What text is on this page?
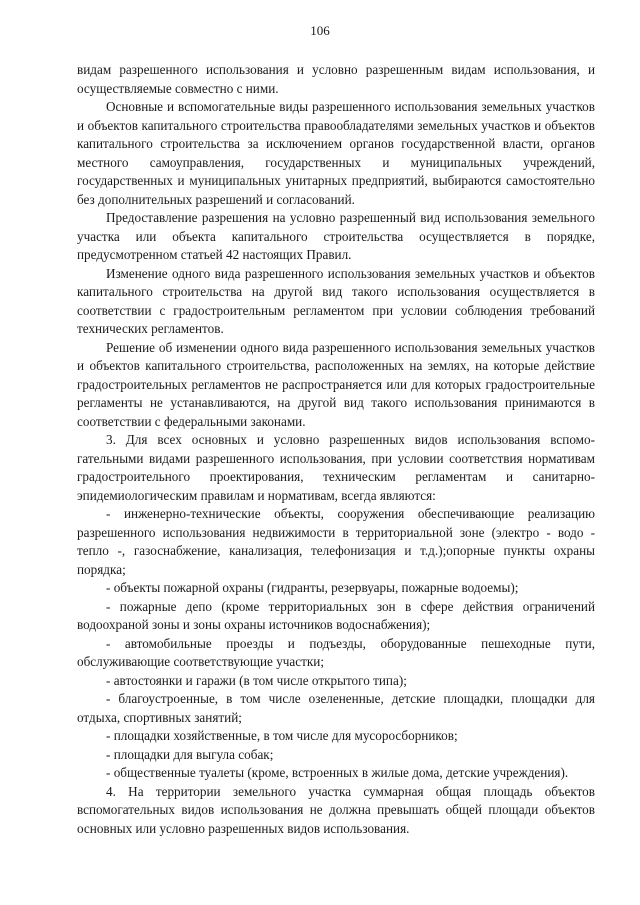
106

видам разрешенного использования и условно разрешенным видам использования, и осуществляемые совместно с ними.

Основные и вспомогательные виды разрешенного использования земельных участков и объектов капитального строительства правообладателями земельных участков и объектов капитального строительства за исключением органов государственной власти, органов местного самоуправления, государственных и муниципальных учреждений, государственных и муниципальных унитарных предприятий, выбираются самостоятельно без дополнительных разрешений и согласований.

Предоставление разрешения на условно разрешенный вид использования земельного участка или объекта капитального строительства осуществляется в порядке, предусмотренном статьей 42 настоящих Правил.

Изменение одного вида разрешенного использования земельных участков и объектов капитального строительства на другой вид такого использования осуществляется в соответствии с градостроительным регламентом при условии соблюдения требований технических регламентов.

Решение об изменении одного вида разрешенного использования земельных участков и объектов капитального строительства, расположенных на землях, на которые действие градостроительных регламентов не распространяется или для которых градостроительные регламенты не устанавливаются, на другой вид такого использования принимаются в соответствии с федеральными законами.

3. Для всех основных и условно разрешенных видов использования вспомо-гательными видами разрешенного использования, при условии соответствия нормативам градостроительного проектирования, техническим регламентам и санитарно-эпидемиологическим правилам и нормативам, всегда являются:

- инженерно-технические объекты, сооружения обеспечивающие реализацию разрешенного использования недвижимости в территориальной зоне (электро - водо - тепло -, газоснабжение, канализация, телефонизация и т.д.);опорные пункты охраны порядка;

- объекты пожарной охраны (гидранты, резервуары, пожарные водоемы);

- пожарные депо (кроме территориальных зон в сфере действия ограничений водоохраной зоны и зоны охраны источников водоснабжения);

- автомобильные проезды и подъезды, оборудованные пешеходные пути, обслуживающие соответствующие участки;

- автостоянки и гаражи (в том числе открытого типа);

- благоустроенные, в том числе озелененные, детские площадки, площадки для отдыха, спортивных занятий;

- площадки хозяйственные, в том числе для мусоросборников;

- площадки для выгула собак;

- общественные туалеты (кроме, встроенных в жилые дома, детские учреждения).

4. На территории земельного участка суммарная общая площадь объектов вспомогательных видов использования не должна превышать общей площади объектов основных или условно разрешенных видов использования.
